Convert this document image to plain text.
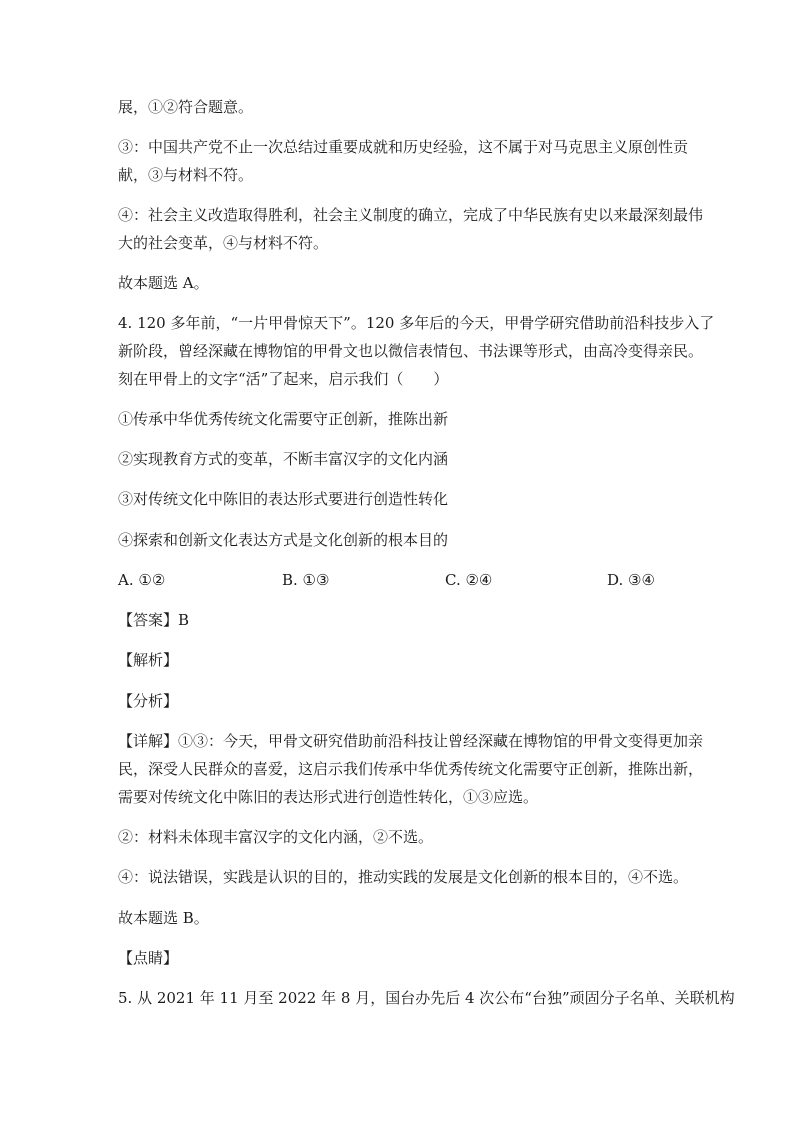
展，①②符合题意。
③：中国共产党不止一次总结过重要成就和历史经验，这不属于对马克思主义原创性贡
献，③与材料不符。
④：社会主义改造取得胜利，社会主义制度的确立，完成了中华民族有史以来最深刻最伟
大的社会变革，④与材料不符。
故本题选 A。
4. 120 多年前，“一片甲骨惊天下”。120 多年后的今天，甲骨学研究借助前沿科技步入了
新阶段，曾经深藏在博物馆的甲骨文也以微信表情包、书法课等形式，由高冷变得亲民。
刻在甲骨上的文字“活”了起来，启示我们（　　）
①传承中华优秀传统文化需要守正创新，推陈出新
②实现教育方式的变革，不断丰富汉字的文化内涵
③对传统文化中陈旧的表达形式要进行创造性转化
④探索和创新文化表达方式是文化创新的根本目的
A. ①②	B. ①③	C. ②④	D. ③④
【答案】B
【解析】
【分析】
【详解】①③：今天，甲骨文研究借助前沿科技让曾经深藏在博物馆的甲骨文变得更加亲
民，深受人民群众的喜爱，这启示我们传承中华优秀传统文化需要守正创新，推陈出新，
需要对传统文化中陈旧的表达形式进行创造性转化，①③应选。
②：材料未体现丰富汉字的文化内涵，②不选。
④：说法错误，实践是认识的目的，推动实践的发展是文化创新的根本目的，④不选。
故本题选 B。
【点睛】
5. 从 2021 年 11 月至 2022 年 8 月，国台办先后 4 次公布“台独”顽固分子名单、关联机构
